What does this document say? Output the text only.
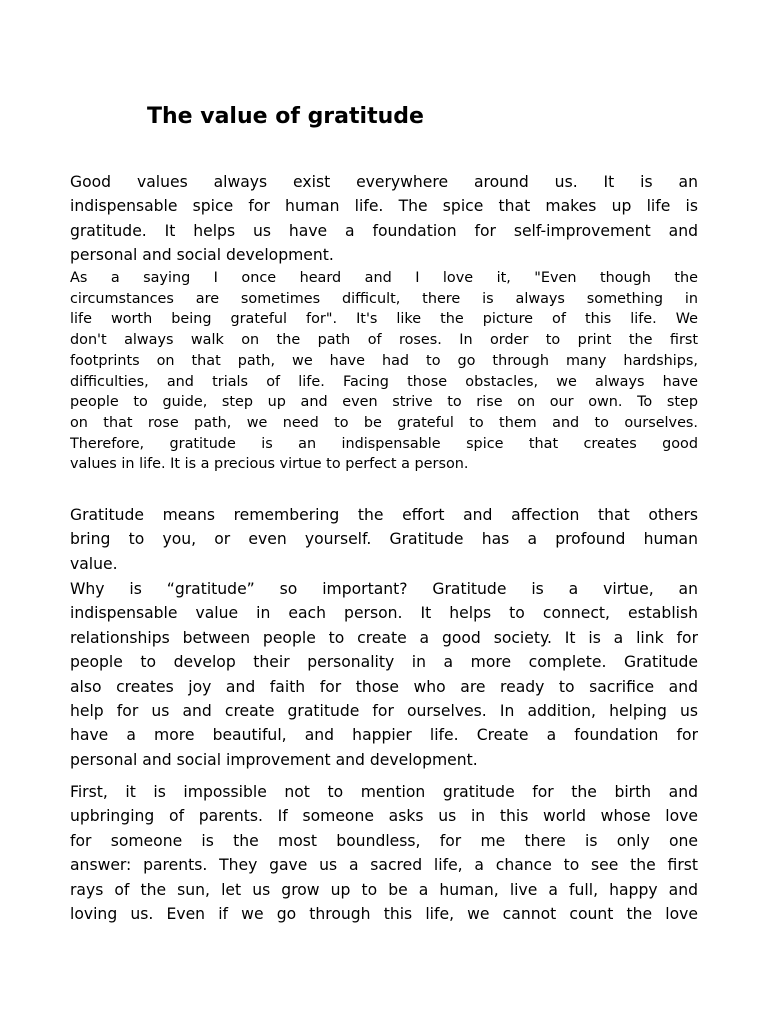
The value of gratitude
Good values always exist everywhere around us. It is an
indispensable spice for human life. The spice that makes up life is
gratitude. It helps us have a foundation for self-improvement and
personal and social development.
As a saying I once heard and I love it, "Even though the
circumstances are sometimes difficult, there is always something in
life worth being grateful for". It's like the picture of this life. We
don't always walk on the path of roses. In order to print the first
footprints on that path, we have had to go through many hardships,
difficulties, and trials of life. Facing those obstacles, we always have
people to guide, step up and even strive to rise on our own. To step
on that rose path, we need to be grateful to them and to ourselves.
Therefore, gratitude is an indispensable spice that creates good
values in life. It is a precious virtue to perfect a person.
Gratitude means remembering the effort and affection that others
bring to you, or even yourself. Gratitude has a profound human
value.
Why is “gratitude” so important? Gratitude is a virtue, an
indispensable value in each person. It helps to connect, establish
relationships between people to create a good society. It is a link for
people to develop their personality in a more complete. Gratitude
also creates joy and faith for those who are ready to sacrifice and
help for us and create gratitude for ourselves. In addition, helping us
have a more beautiful, and happier life. Create a foundation for
personal and social improvement and development.
First, it is impossible not to mention gratitude for the birth and
upbringing of parents. If someone asks us in this world whose love
for someone is the most boundless, for me there is only one
answer: parents. They gave us a sacred life, a chance to see the first
rays of the sun, let us grow up to be a human, live a full, happy and
loving us. Even if we go through this life, we cannot count the love
